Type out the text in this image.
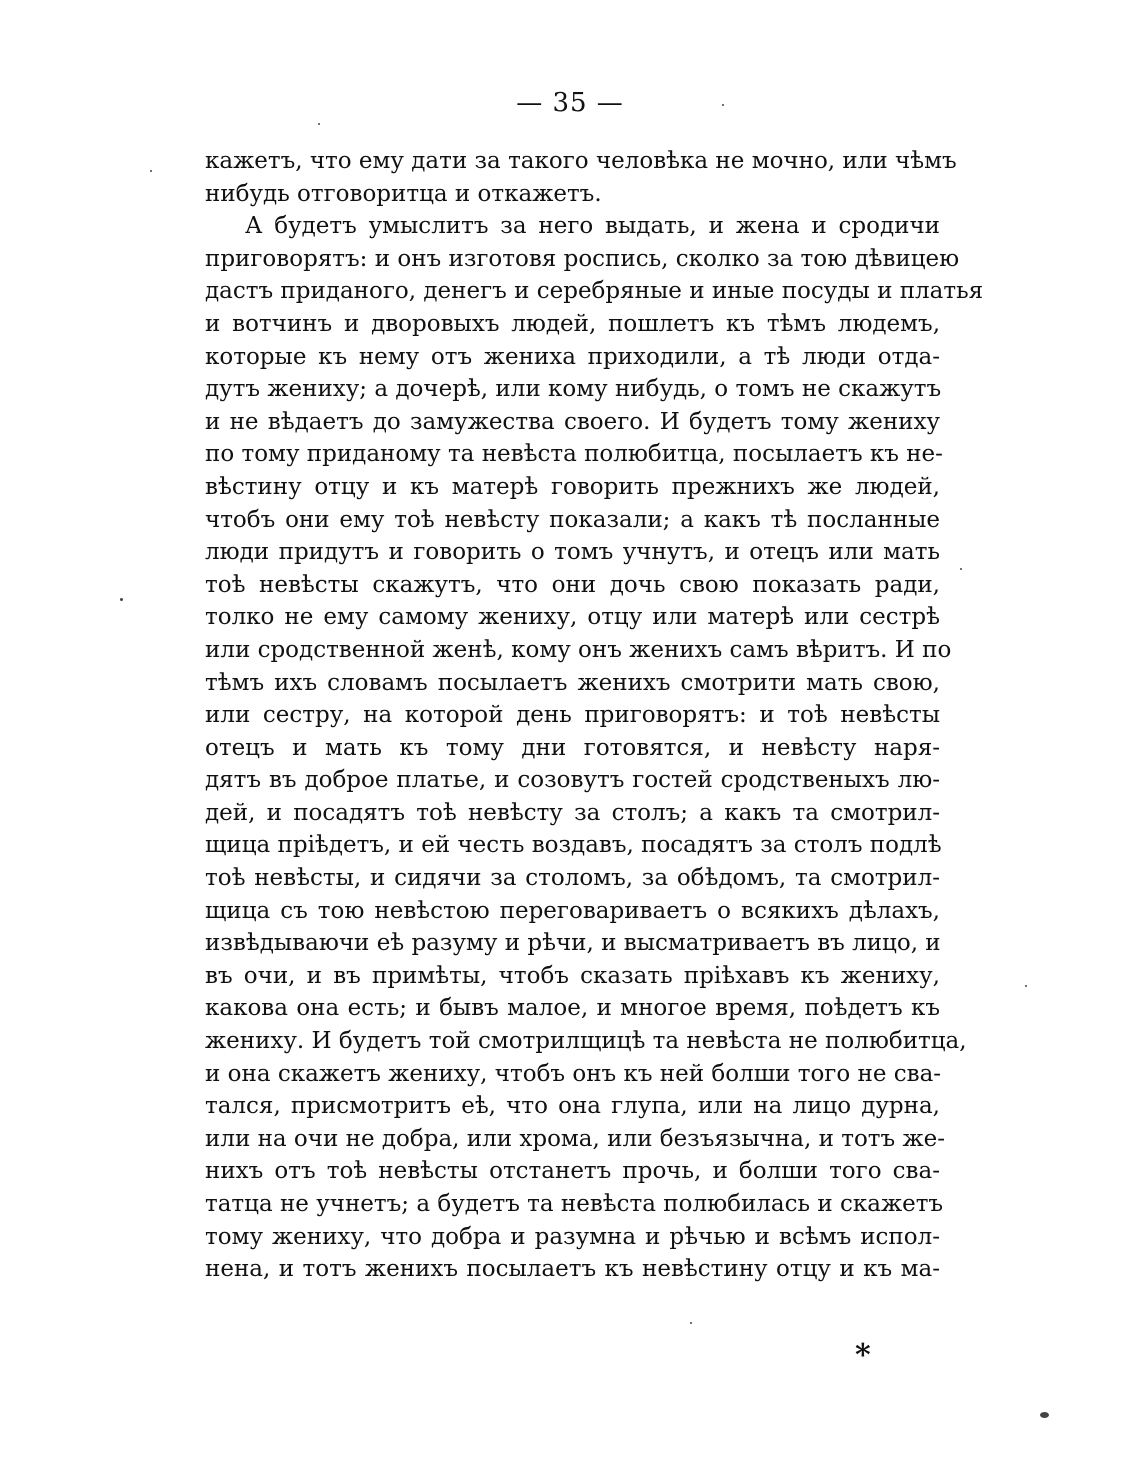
— 35 —
кажетъ, что ему дати за такого человѣка не мочно, или чѣмъ
нибудь отговоритца и откажетъ.
А будетъ умыслитъ за него выдать, и жена и сродичи
приговорятъ: и онъ изготовя роспись, сколко за тою дѣвицею
дастъ приданого, денегъ и серебряные и иные посуды и платья
и вотчинъ и дворовыхъ людей, пошлетъ къ тѣмъ людемъ,
которые къ нему отъ жениха приходили, а тѣ люди отда-
дутъ жениху; а дочерѣ, или кому нибудь, о томъ не скажутъ
и не вѣдаетъ до замужества своего. И будетъ тому жениху
по тому приданому та невѣста полюбитца, посылаетъ къ не-
вѣстину отцу и къ матерѣ говорить прежнихъ же людей,
чтобъ они ему тоѣ невѣсту показали; а какъ тѣ посланные
люди придутъ и говорить о томъ учнутъ, и отецъ или мать
тоѣ невѣсты скажутъ, что они дочь свою показать ради,
толко не ему самому жениху, отцу или матерѣ или сестрѣ
или сродственной женѣ, кому онъ женихъ самъ вѣритъ. И по
тѣмъ ихъ словамъ посылаетъ женихъ смотрити мать свою,
или сестру, на которой день приговорятъ: и тоѣ невѣсты
отецъ и мать къ тому дни готовятся, и невѣсту наря-
дятъ въ доброе платье, и созовутъ гостей сродственыхъ лю-
дей, и посадятъ тоѣ невѣсту за столъ; а какъ та смотрил-
щица прiѣдетъ, и ей честь воздавъ, посадятъ за столъ подлѣ
тоѣ невѣсты, и сидячи за столомъ, за обѣдомъ, та смотрил-
щица съ тою невѣстою переговариваетъ о всякихъ дѣлахъ,
извѣдываючи еѣ разуму и рѣчи, и высматриваетъ въ лицо, и
въ очи, и въ примѣты, чтобъ сказать прiѣхавъ къ жениху,
какова она есть; и бывъ малое, и многое время, поѣдетъ къ
жениху. И будетъ той смотрилщицѣ та невѣста не полюбитца,
и она скажетъ жениху, чтобъ онъ къ ней болши того не сва-
тался, присмотритъ еѣ, что она глупа, или на лицо дурна,
или на очи не добра, или хрома, или безъязычна, и тотъ же-
нихъ отъ тоѣ невѣсты отстанетъ прочь, и болши того сва-
татца не учнетъ; а будетъ та невѣста полюбилась и скажетъ
тому жениху, что добра и разумна и рѣчью и всѣмъ испол-
нена, и тотъ женихъ посылаетъ къ невѣстину отцу и къ ма-
*
